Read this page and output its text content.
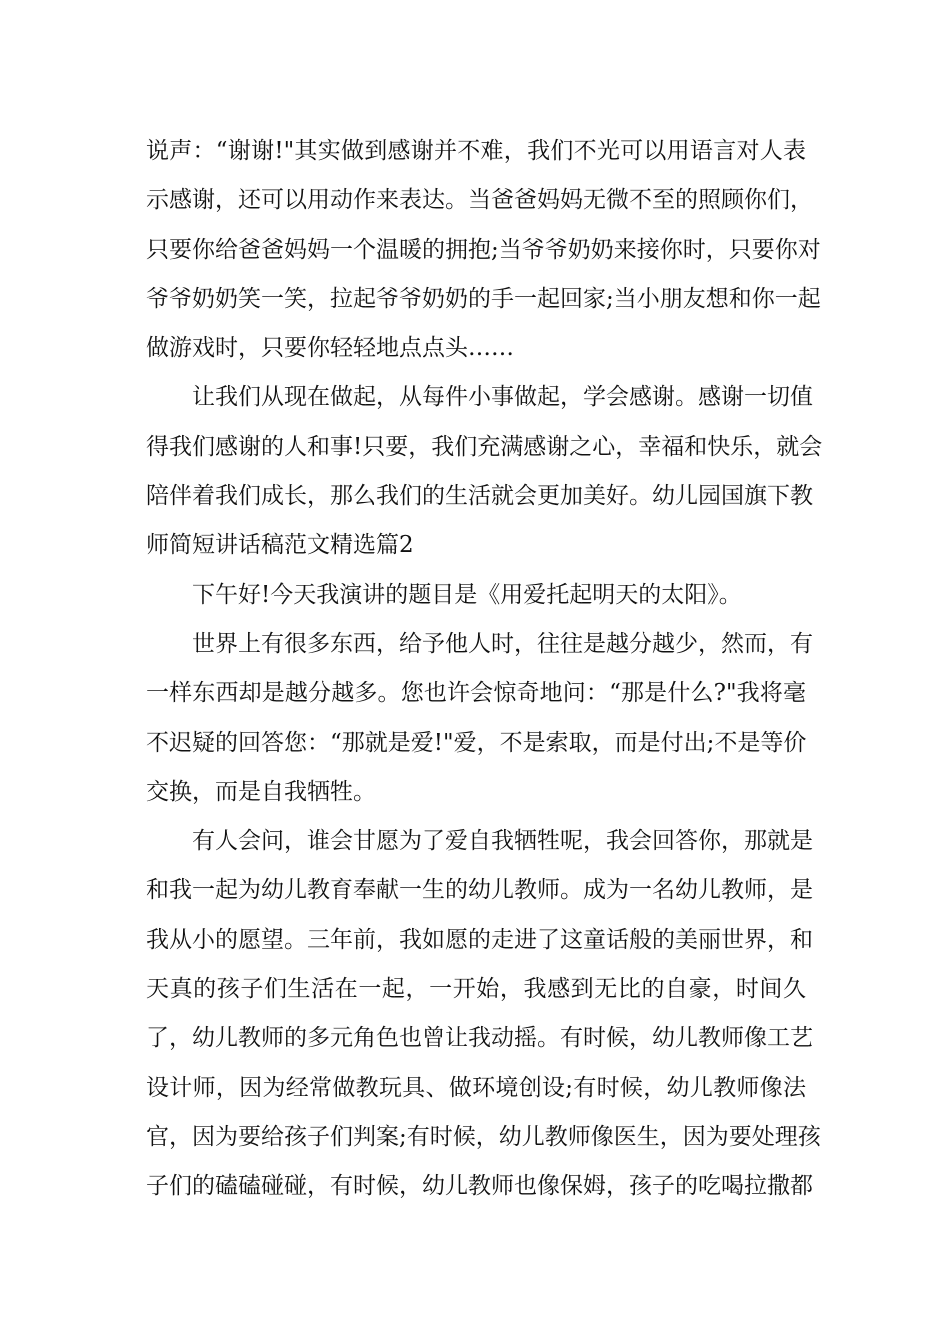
说声：“谢谢!"其实做到感谢并不难，我们不光可以用语言对人表
示感谢，还可以用动作来表达。当爸爸妈妈无微不至的照顾你们，
只要你给爸爸妈妈一个温暖的拥抱;当爷爷奶奶来接你时，只要你对
爷爷奶奶笑一笑，拉起爷爷奶奶的手一起回家;当小朋友想和你一起
做游戏时，只要你轻轻地点点头……
让我们从现在做起，从每件小事做起，学会感谢。感谢一切值
得我们感谢的人和事!只要，我们充满感谢之心，幸福和快乐，就会
陪伴着我们成长，那么我们的生活就会更加美好。幼儿园国旗下教
师简短讲话稿范文精选篇2
下午好!今天我演讲的题目是《用爱托起明天的太阳》。
世界上有很多东西，给予他人时，往往是越分越少，然而，有
一样东西却是越分越多。您也许会惊奇地问：“那是什么?"我将毫
不迟疑的回答您：“那就是爱!"爱，不是索取，而是付出;不是等价
交换，而是自我牺牲。
有人会问，谁会甘愿为了爱自我牺牲呢，我会回答你，那就是
和我一起为幼儿教育奉献一生的幼儿教师。成为一名幼儿教师，是
我从小的愿望。三年前，我如愿的走进了这童话般的美丽世界，和
天真的孩子们生活在一起，一开始，我感到无比的自豪，时间久
了，幼儿教师的多元角色也曾让我动摇。有时候，幼儿教师像工艺
设计师，因为经常做教玩具、做环境创设;有时候，幼儿教师像法
官，因为要给孩子们判案;有时候，幼儿教师像医生，因为要处理孩
子们的磕磕碰碰，有时候，幼儿教师也像保姆，孩子的吃喝拉撒都
